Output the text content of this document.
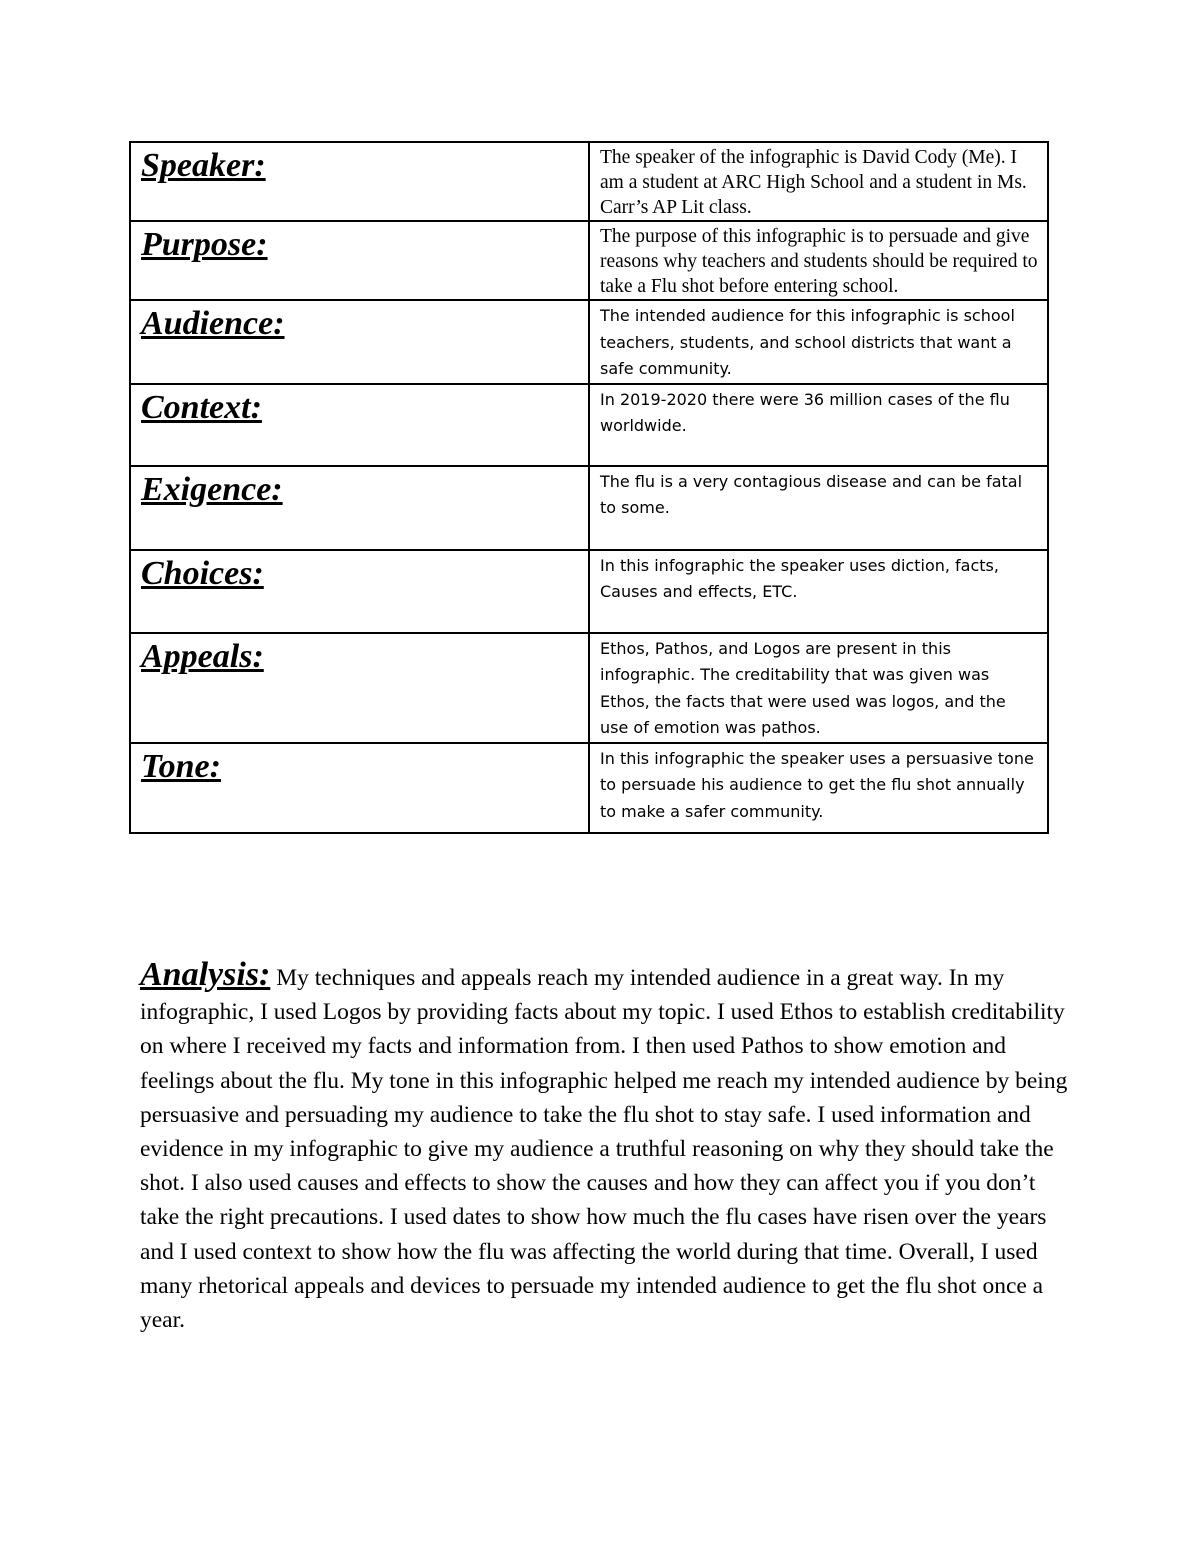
Speaker:	The speaker of the infographic is David Cody (Me). I am a student at ARC High School and a student in Ms. Carr’s AP Lit class.
Purpose:	The purpose of this infographic is to persuade and give reasons why teachers and students should be required to take a Flu shot before entering school.
Audience:	The intended audience for this infographic is school teachers, students, and school districts that want a safe community.
Context:	In 2019-2020 there were 36 million cases of the flu worldwide.
Exigence:	The flu is a very contagious disease and can be fatal to some.
Choices:	In this infographic the speaker uses diction, facts, Causes and effects, ETC.
Appeals:	Ethos, Pathos, and Logos are present in this infographic. The creditability that was given was Ethos, the facts that were used was logos, and the use of emotion was pathos.
Tone:	In this infographic the speaker uses a persuasive tone to persuade his audience to get the flu shot annually to make a safer community.

Analysis: My techniques and appeals reach my intended audience in a great way. In my infographic, I used Logos by providing facts about my topic. I used Ethos to establish creditability on where I received my facts and information from. I then used Pathos to show emotion and feelings about the flu. My tone in this infographic helped me reach my intended audience by being persuasive and persuading my audience to take the flu shot to stay safe. I used information and evidence in my infographic to give my audience a truthful reasoning on why they should take the shot. I also used causes and effects to show the causes and how they can affect you if you don’t take the right precautions. I used dates to show how much the flu cases have risen over the years and I used context to show how the flu was affecting the world during that time. Overall, I used many rhetorical appeals and devices to persuade my intended audience to get the flu shot once a year.
